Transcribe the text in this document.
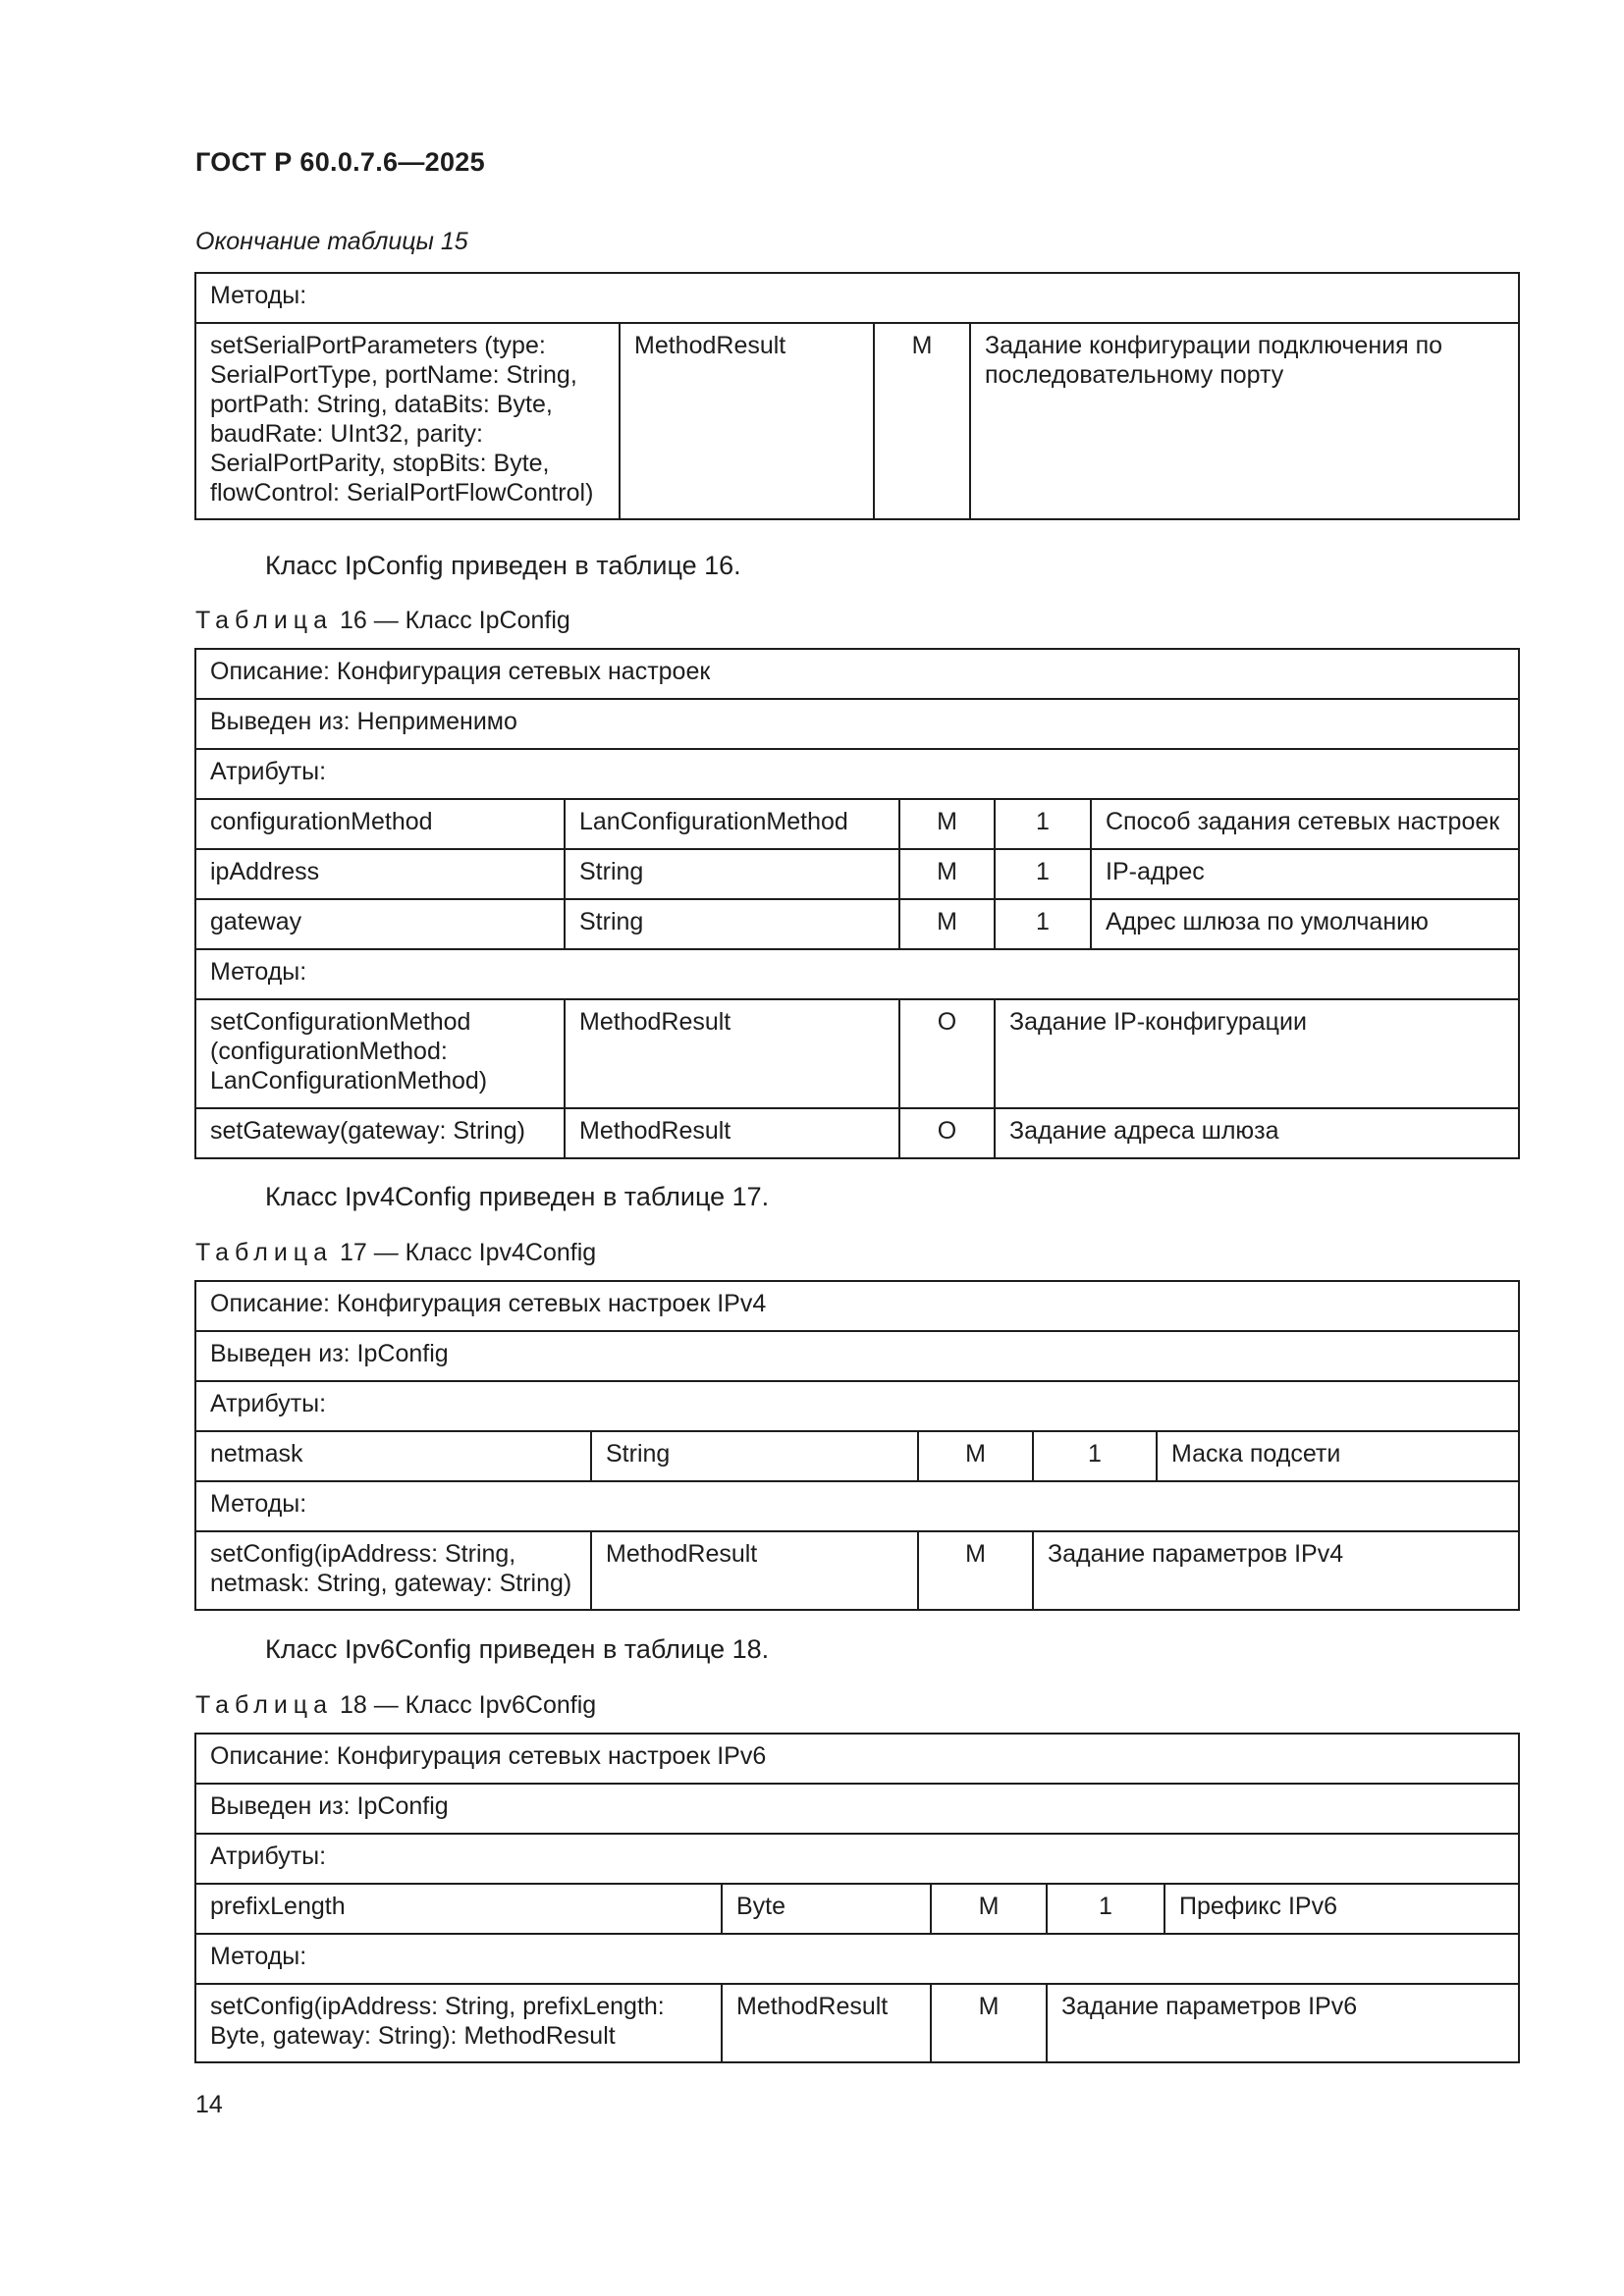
ГОСТ Р 60.0.7.6—2025
Окончание таблицы 15
Методы:
setSerialPortParameters (type: SerialPortType, portName: String, portPath: String, dataBits: Byte, baudRate: UInt32, parity: SerialPortParity, stopBits: Byte, flowControl: SerialPortFlowControl)	MethodResult	М	Задание конфигурации подключения по последовательному порту
Класс IpConfig приведен в таблице 16.
Таблица 16 — Класс IpConfig
Описание: Конфигурация сетевых настроек				
Выведен из: Неприменимо				
Атрибуты:				
configurationMethod	LanConfigurationMethod	М	1	Способ задания сетевых настроек
ipAddress	String	М	1	IP-адрес
gateway	String	М	1	Адрес шлюза по умолчанию
Методы:				
setConfigurationMethod (configurationMethod: LanConfigurationMethod)	MethodResult	О	Задание IP-конфигурации	
setGateway(gateway: String)	MethodResult	О	Задание адреса шлюза	
Класс Ipv4Config приведен в таблице 17.
Таблица 17 — Класс Ipv4Config
Описание: Конфигурация сетевых настроек IPv4				
Выведен из: IpConfig				
Атрибуты:				
netmask	String	М	1	Маска подсети
Методы:				
setConfig(ipAddress: String, netmask: String, gateway: String)	MethodResult	М	Задание параметров IPv4	
Класс Ipv6Config приведен в таблице 18.
Таблица 18 — Класс Ipv6Config
Описание: Конфигурация сетевых настроек IPv6				
Выведен из: IpConfig				
Атрибуты:				
prefixLength	Byte	М	1	Префикс IPv6
Методы:				
setConfig(ipAddress: String, prefixLength: Byte, gateway: String): MethodResult	MethodResult	М	Задание параметров IPv6	
14
